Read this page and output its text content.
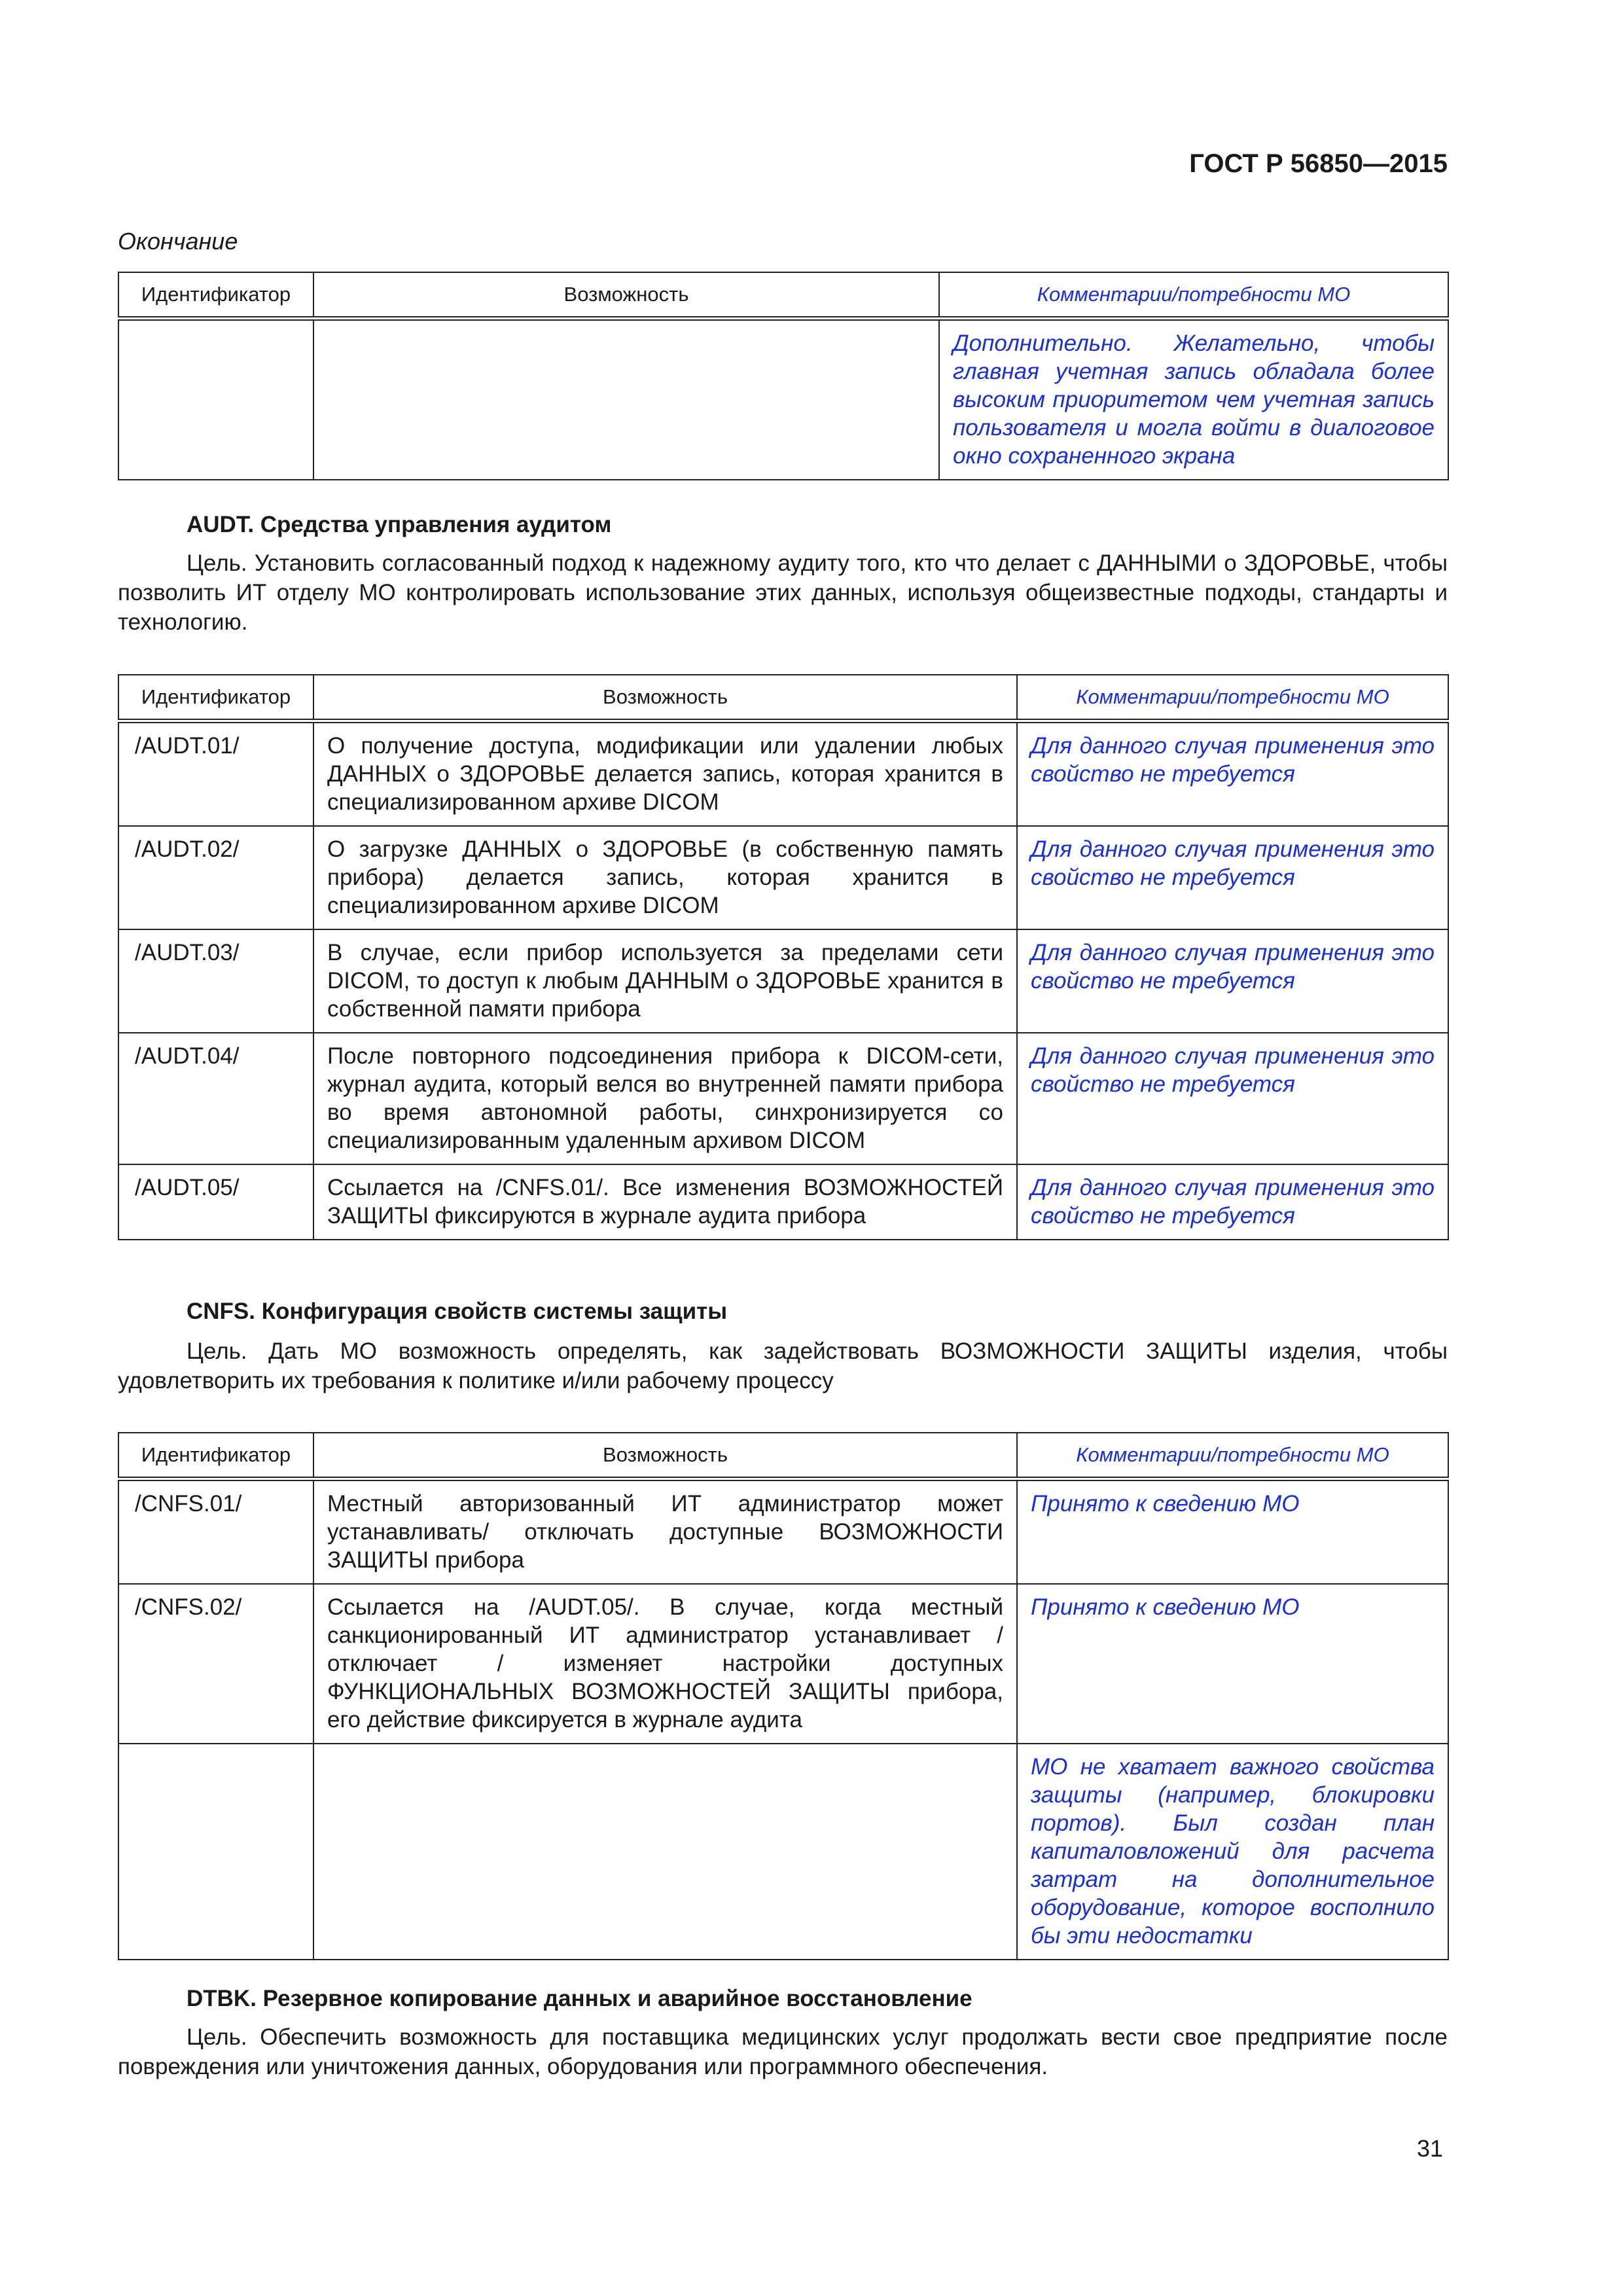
ГОСТ Р 56850—2015
Окончание
Идентификатор	Возможность	Комментарии/потребности МО
		Дополнительно. Желательно, чтобы главная учетная запись обладала более высоким приоритетом чем учетная запись пользователя и могла войти в диалоговое окно сохраненного экрана
AUDT. Средства управления аудитом
Цель. Установить согласованный подход к надежному аудиту того, кто что делает с ДАННЫМИ о ЗДОРОВЬЕ, чтобы позволить ИТ отделу МО контролировать использование этих данных, используя общеизвестные подходы, стандарты и технологию.
Идентификатор	Возможность	Комментарии/потребности МО
/AUDT.01/	О получение доступа, модификации или удалении любых ДАННЫХ о ЗДОРОВЬЕ делается запись, которая хранится в специализированном архиве DICOM	Для данного случая применения это свойство не требуется
/AUDT.02/	О загрузке ДАННЫХ о ЗДОРОВЬЕ (в собственную память прибора) делается запись, которая хранится в специализированном архиве DICOM	Для данного случая применения это свойство не требуется
/AUDT.03/	В случае, если прибор используется за пределами сети DICOM, то доступ к любым ДАННЫМ о ЗДОРОВЬЕ хранится в собственной памяти прибора	Для данного случая применения это свойство не требуется
/AUDT.04/	После повторного подсоединения прибора к DICOM-сети, журнал аудита, который велся во внутренней памяти прибора во время автономной работы, синхронизируется со специализированным удаленным архивом DICOM	Для данного случая применения это свойство не требуется
/AUDT.05/	Ссылается на /CNFS.01/. Все изменения ВОЗМОЖНОСТЕЙ ЗАЩИТЫ фиксируются в журнале аудита прибора	Для данного случая применения это свойство не требуется
CNFS. Конфигурация свойств системы защиты
Цель. Дать МО возможность определять, как задействовать ВОЗМОЖНОСТИ ЗАЩИТЫ изделия, чтобы удовлетворить их требования к политике и/или рабочему процессу
Идентификатор	Возможность	Комментарии/потребности МО
/CNFS.01/	Местный авторизованный ИТ администратор может устанавливать/ отключать доступные ВОЗМОЖНОСТИ ЗАЩИТЫ прибора	Принято к сведению МО
/CNFS.02/	Ссылается на /AUDT.05/. В случае, когда местный санкционированный ИТ администратор устанавливает / отключает / изменяет настройки доступных ФУНКЦИОНАЛЬНЫХ ВОЗМОЖНОСТЕЙ ЗАЩИТЫ прибора, его действие фиксируется в журнале аудита	Принято к сведению МО
		МО не хватает важного свойства защиты (например, блокировки портов). Был создан план капиталовложений для расчета затрат на дополнительное оборудование, которое восполнило бы эти недостатки
DTBK. Резервное копирование данных и аварийное восстановление
Цель. Обеспечить возможность для поставщика медицинских услуг продолжать вести свое предприятие после повреждения или уничтожения данных, оборудования или программного обеспечения.
31
